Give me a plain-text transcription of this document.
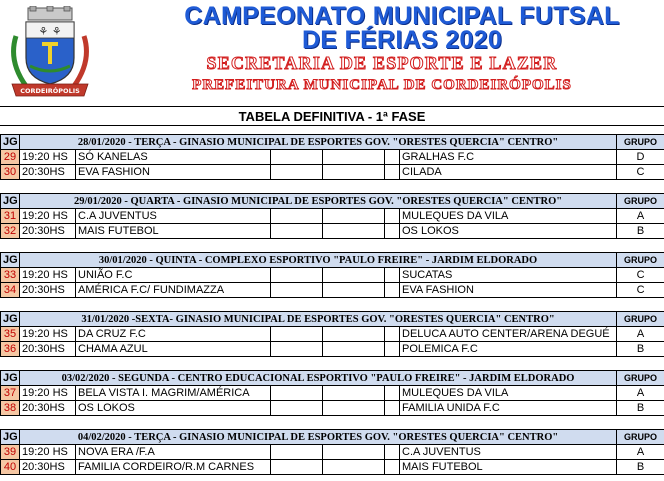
⚘ ⚘
CORDEIRÓPOLIS
CAMPEONATO MUNICIPAL FUTSAL
DE FÉRIAS 2020
SECRETARIA DE ESPORTE E LAZER
PREFEITURA MUNICIPAL DE CORDEIRÓPOLIS
TABELA DEFINITIVA - 1ª FASE
JG	28/01/2020 - TERÇA - GINASIO MUNICIPAL DE ESPORTES GOV. "ORESTES QUERCIA" CENTRO"						GRUPO
29	19:20 HS	SÓ KANELAS				GRALHAS F.C	D
30	20:30HS	EVA FASHION				CILADA	C
JG	29/01/2020 - QUARTA - GINASIO MUNICIPAL DE ESPORTES GOV. "ORESTES QUERCIA" CENTRO"						GRUPO
31	19:20 HS	C.A JUVENTUS				MULEQUES DA VILA	A
32	20:30HS	MAIS FUTEBOL				OS LOKOS	B
JG	30/01/2020 - QUINTA - COMPLEXO ESPORTIVO "PAULO FREIRE" - JARDIM ELDORADO						GRUPO
33	19:20 HS	UNIÃO F.C				SUCATAS	C
34	20:30HS	AMÉRICA F.C/ FUNDIMAZZA				EVA FASHION	C
JG	31/01/2020 -SEXTA- GINASIO MUNICIPAL DE ESPORTES GOV. "ORESTES QUERCIA" CENTRO"						GRUPO
35	19:20 HS	DA CRUZ F.C				DELUCA AUTO CENTER/ARENA DEGUÉ	A
36	20:30HS	CHAMA AZUL				POLEMICA F.C	B
JG	03/02/2020 - SEGUNDA - CENTRO EDUCACIONAL ESPORTIVO "PAULO FREIRE" - JARDIM ELDORADO						GRUPO
37	19:20 HS	BELA VISTA I. MAGRIM/AMÉRICA				MULEQUES DA VILA	A
38	20:30HS	OS LOKOS				FAMILIA UNIDA F.C	B
JG	04/02/2020 - TERÇA - GINASIO MUNICIPAL DE ESPORTES GOV. "ORESTES QUERCIA" CENTRO"						GRUPO
39	19:20 HS	NOVA ERA /F.A				C.A JUVENTUS	A
40	20:30HS	FAMILIA CORDEIRO/R.M CARNES				MAIS FUTEBOL	B
